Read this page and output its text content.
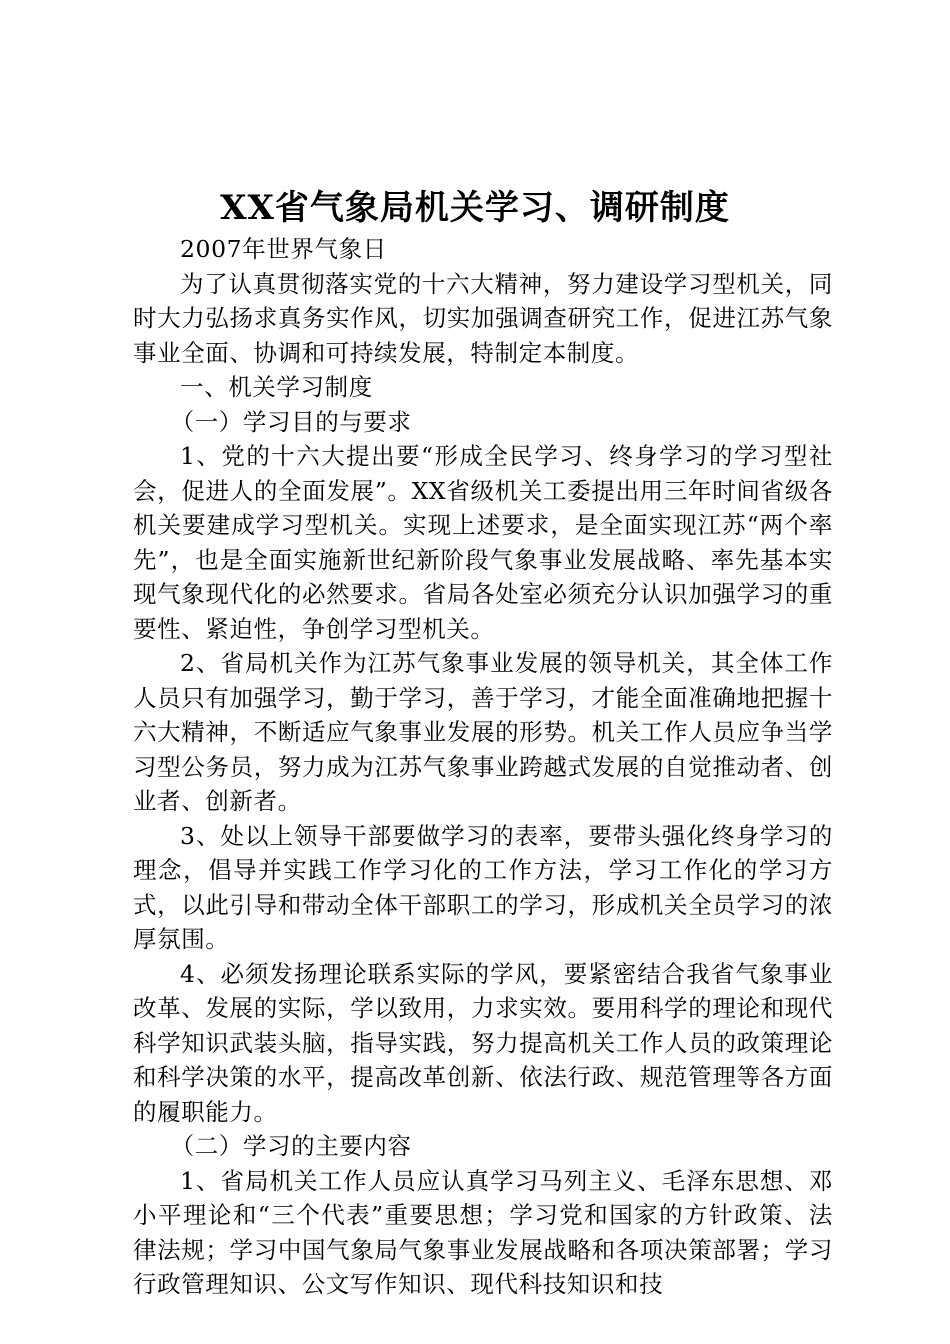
XX省气象局机关学习、调研制度

2007年世界气象日

为了认真贯彻落实党的十六大精神，努力建设学习型机关，同时大力弘扬求真务实作风，切实加强调查研究工作，促进江苏气象事业全面、协调和可持续发展，特制定本制度。

一、机关学习制度

（一）学习目的与要求

1、党的十六大提出要“形成全民学习、终身学习的学习型社会，促进人的全面发展”。XX省级机关工委提出用三年时间省级各机关要建成学习型机关。实现上述要求，是全面实现江苏“两个率先”，也是全面实施新世纪新阶段气象事业发展战略、率先基本实现气象现代化的必然要求。省局各处室必须充分认识加强学习的重要性、紧迫性，争创学习型机关。

2、省局机关作为江苏气象事业发展的领导机关，其全体工作人员只有加强学习，勤于学习，善于学习，才能全面准确地把握十六大精神，不断适应气象事业发展的形势。机关工作人员应争当学习型公务员，努力成为江苏气象事业跨越式发展的自觉推动者、创业者、创新者。

3、处以上领导干部要做学习的表率，要带头强化终身学习的理念，倡导并实践工作学习化的工作方法，学习工作化的学习方式，以此引导和带动全体干部职工的学习，形成机关全员学习的浓厚氛围。

4、必须发扬理论联系实际的学风，要紧密结合我省气象事业改革、发展的实际，学以致用，力求实效。要用科学的理论和现代科学知识武装头脑，指导实践，努力提高机关工作人员的政策理论和科学决策的水平，提高改革创新、依法行政、规范管理等各方面的履职能力。

（二）学习的主要内容

1、省局机关工作人员应认真学习马列主义、毛泽东思想、邓小平理论和“三个代表”重要思想；学习党和国家的方针政策、法律法规；学习中国气象局气象事业发展战略和各项决策部署；学习行政管理知识、公文写作知识、现代科技知识和技
